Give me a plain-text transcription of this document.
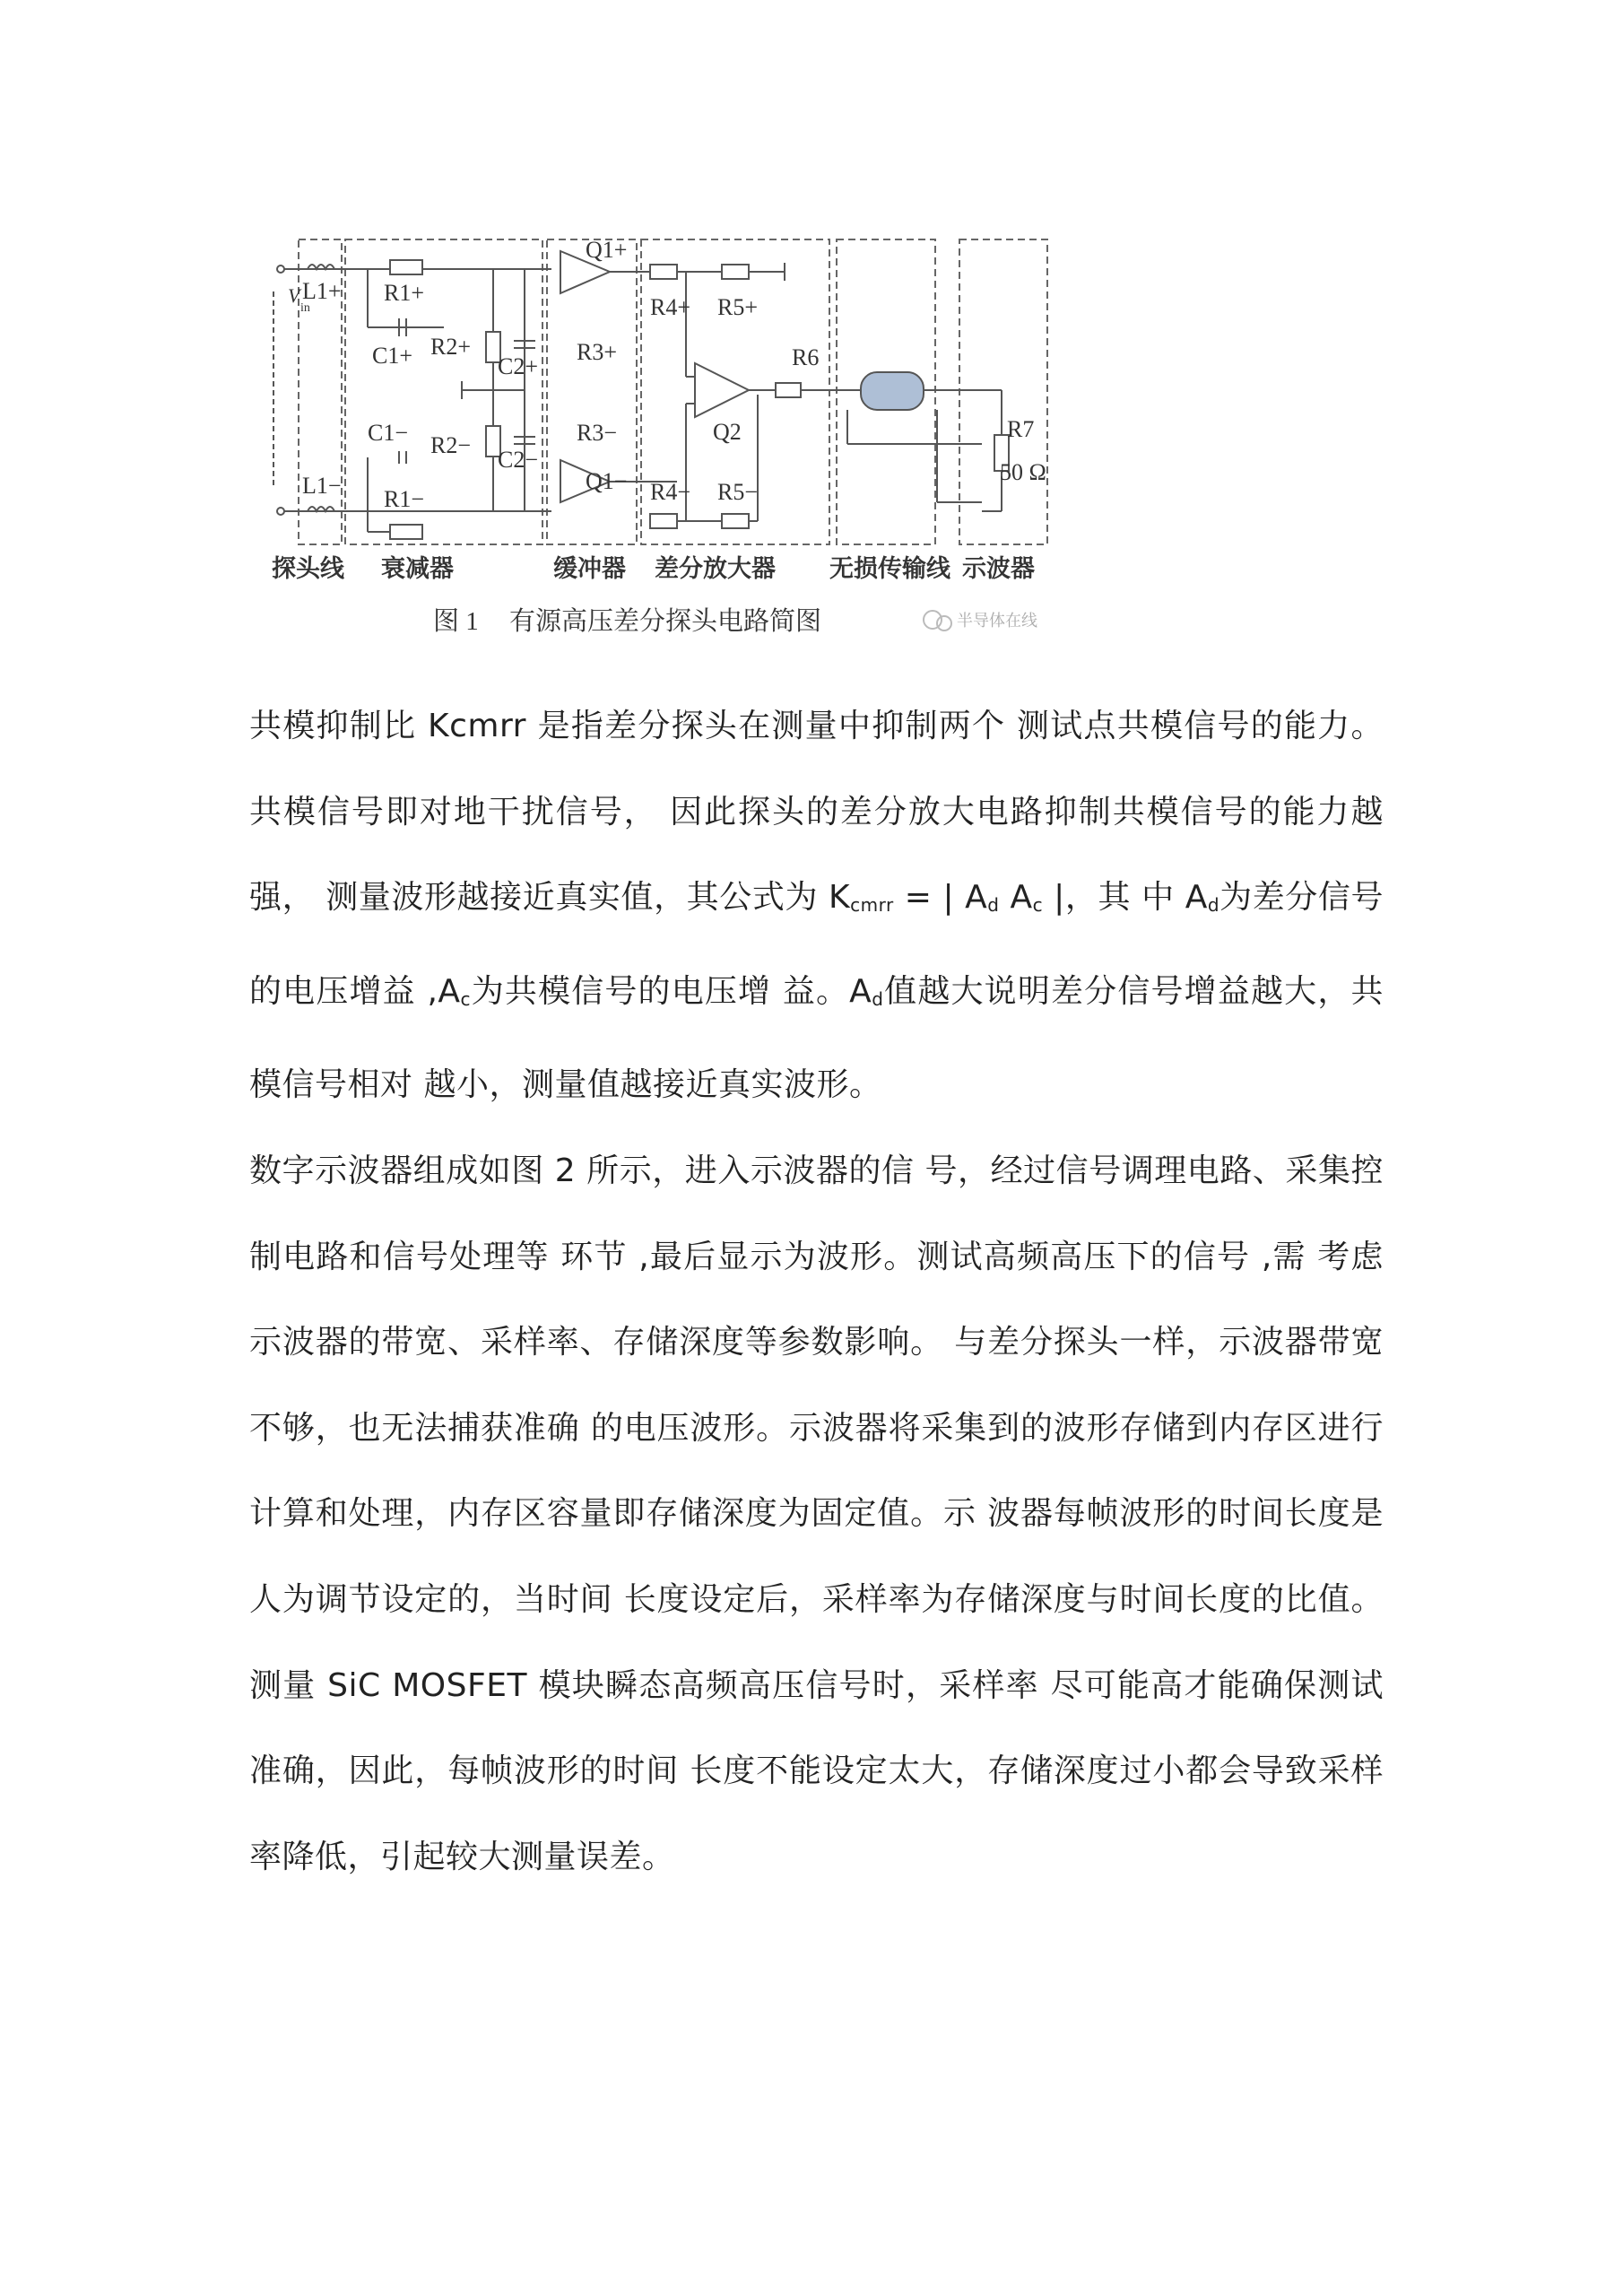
V
in
L1+
L1−
R1+
R1−
C1+
C1−
R2+
R2−
C2+
C2−
Q1+
Q1−
R3+
R3−
R4+
R4−
R5+
R5−
Q2
R6
R7
50 Ω
探头线 衰减器	缓冲器 差分放大器 无损传输线 示波器
图 1 有源高压差分探头电路简图	半导体在线

共模抑制比 Kcmrr 是指差分探头在测量中抑制两个 测试点共模信号的能力。共模信号即对地干扰信号， 因此探头的差分放大电路抑制共模信号的能力越强， 测量波形越接近真实值，其公式为 $K_{cmrr}$ = | $A_d$ $A_c$ |，其 中 $A_d$为差分信号的电压增益 $,A_c$为共模信号的电压增 益。$A_d$值越大说明差分信号增益越大，共模信号相对 越小，测量值越接近真实波形。

数字示波器组成如图 2 所示，进入示波器的信 号，经过信号调理电路、采集控制电路和信号处理等 环节 ,最后显示为波形。测试高频高压下的信号 ,需 考虑示波器的带宽、采样率、存储深度等参数影响。 与差分探头一样，示波器带宽不够，也无法捕获准确 的电压波形。示波器将采集到的波形存储到内存区进行计算和处理，内存区容量即存储深度为固定值。示 波器每帧波形的时间长度是人为调节设定的，当时间 长度设定后，采样率为存储深度与时间长度的比值。 测量 SiC MOSFET 模块瞬态高频高压信号时，采样率 尽可能高才能确保测试准确，因此，每帧波形的时间 长度不能设定太大，存储深度过小都会导致采样率降低，引起较大测量误差。
